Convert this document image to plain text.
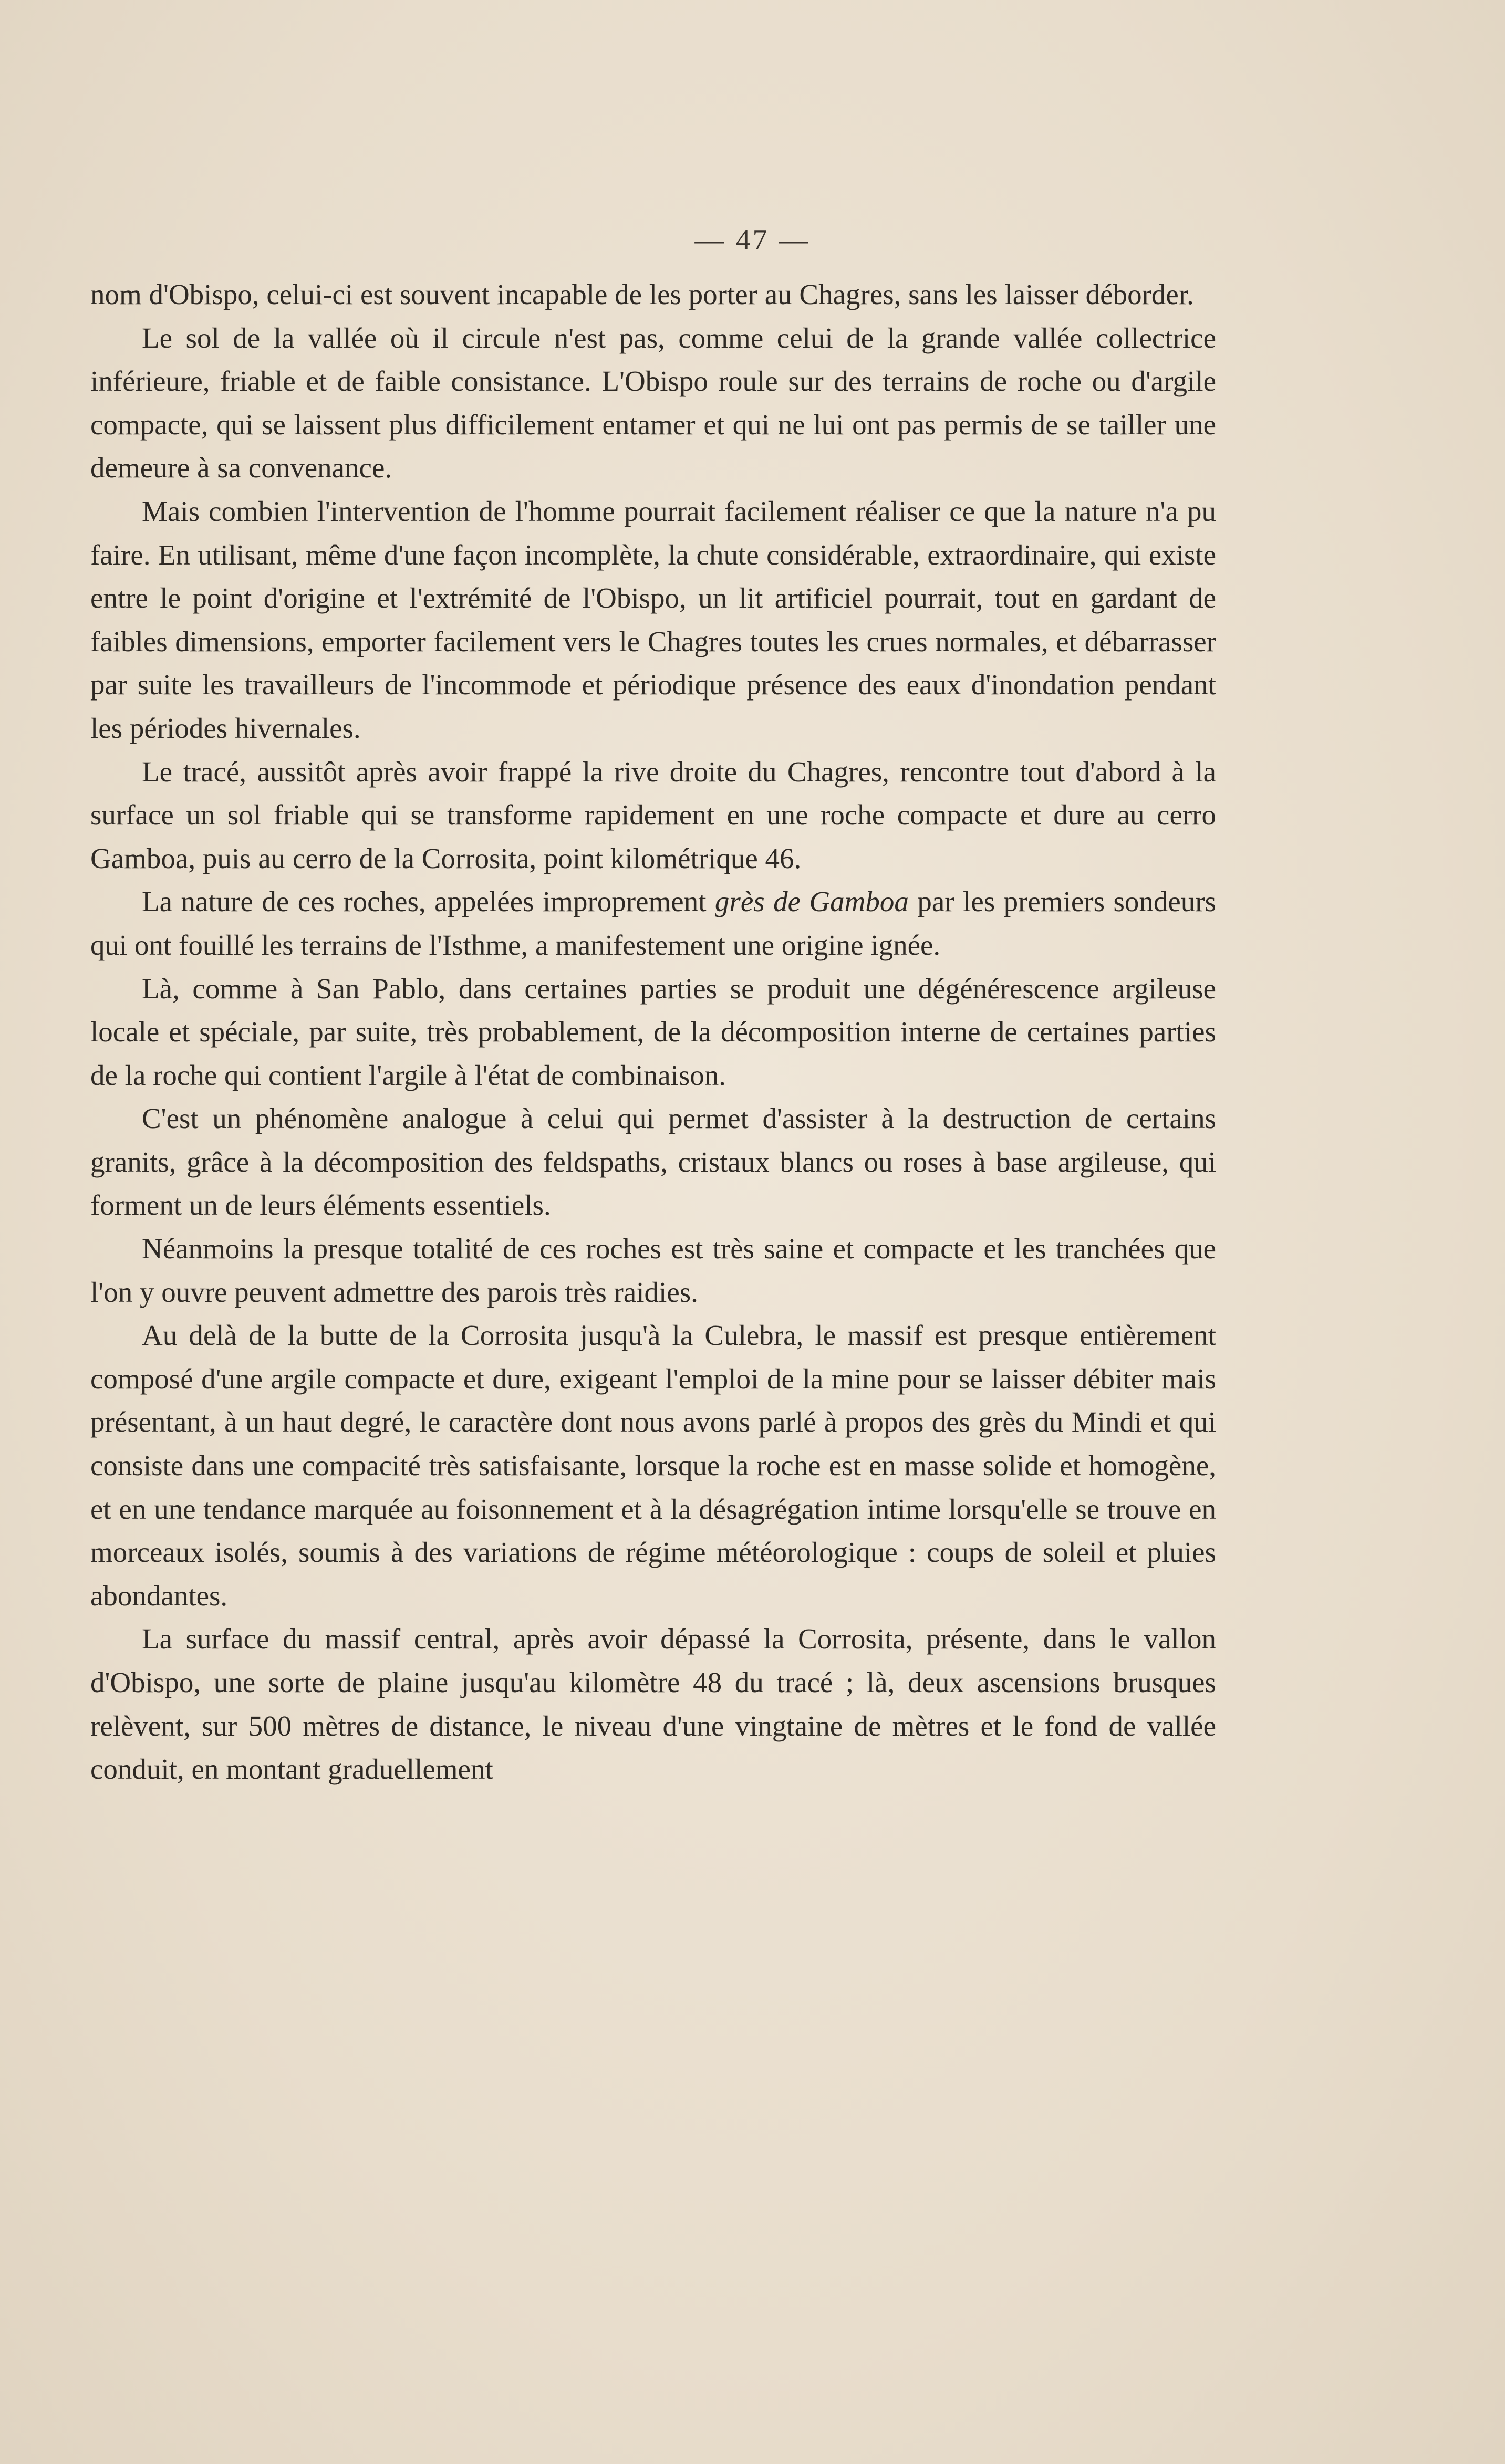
— 47 —

nom d'Obispo, celui-ci est souvent incapable de les porter au Chagres, sans les laisser déborder.

Le sol de la vallée où il circule n'est pas, comme celui de la grande vallée collectrice inférieure, friable et de faible consistance. L'Obispo roule sur des terrains de roche ou d'argile compacte, qui se laissent plus difficilement entamer et qui ne lui ont pas permis de se tailler une demeure à sa convenance.

Mais combien l'intervention de l'homme pourrait facilement réaliser ce que la nature n'a pu faire. En utilisant, même d'une façon incomplète, la chute considérable, extraordinaire, qui existe entre le point d'origine et l'extrémité de l'Obispo, un lit artificiel pourrait, tout en gardant de faibles dimensions, emporter facilement vers le Chagres toutes les crues normales, et débarrasser par suite les travailleurs de l'incommode et périodique présence des eaux d'inondation pendant les périodes hivernales.

Le tracé, aussitôt après avoir frappé la rive droite du Chagres, rencontre tout d'abord à la surface un sol friable qui se transforme rapidement en une roche compacte et dure au cerro Gamboa, puis au cerro de la Corrosita, point kilométrique 46.

La nature de ces roches, appelées improprement grès de Gamboa par les premiers sondeurs qui ont fouillé les terrains de l'Isthme, a manifestement une origine ignée.

Là, comme à San Pablo, dans certaines parties se produit une dégénérescence argileuse locale et spéciale, par suite, très probablement, de la décomposition interne de certaines parties de la roche qui contient l'argile à l'état de combinaison.

C'est un phénomène analogue à celui qui permet d'assister à la destruction de certains granits, grâce à la décomposition des feldspaths, cristaux blancs ou roses à base argileuse, qui forment un de leurs éléments essentiels.

Néanmoins la presque totalité de ces roches est très saine et compacte et les tranchées que l'on y ouvre peuvent admettre des parois très raidies.

Au delà de la butte de la Corrosita jusqu'à la Culebra, le massif est presque entièrement composé d'une argile compacte et dure, exigeant l'emploi de la mine pour se laisser débiter mais présentant, à un haut degré, le caractère dont nous avons parlé à propos des grès du Mindi et qui consiste dans une compacité très satisfaisante, lorsque la roche est en masse solide et homogène, et en une tendance marquée au foisonnement et à la désagrégation intime lorsqu'elle se trouve en morceaux isolés, soumis à des variations de régime météorologique : coups de soleil et pluies abondantes.

La surface du massif central, après avoir dépassé la Corrosita, présente, dans le vallon d'Obispo, une sorte de plaine jusqu'au kilomètre 48 du tracé ; là, deux ascensions brusques relèvent, sur 500 mètres de distance, le niveau d'une vingtaine de mètres et le fond de vallée conduit, en montant graduellement
